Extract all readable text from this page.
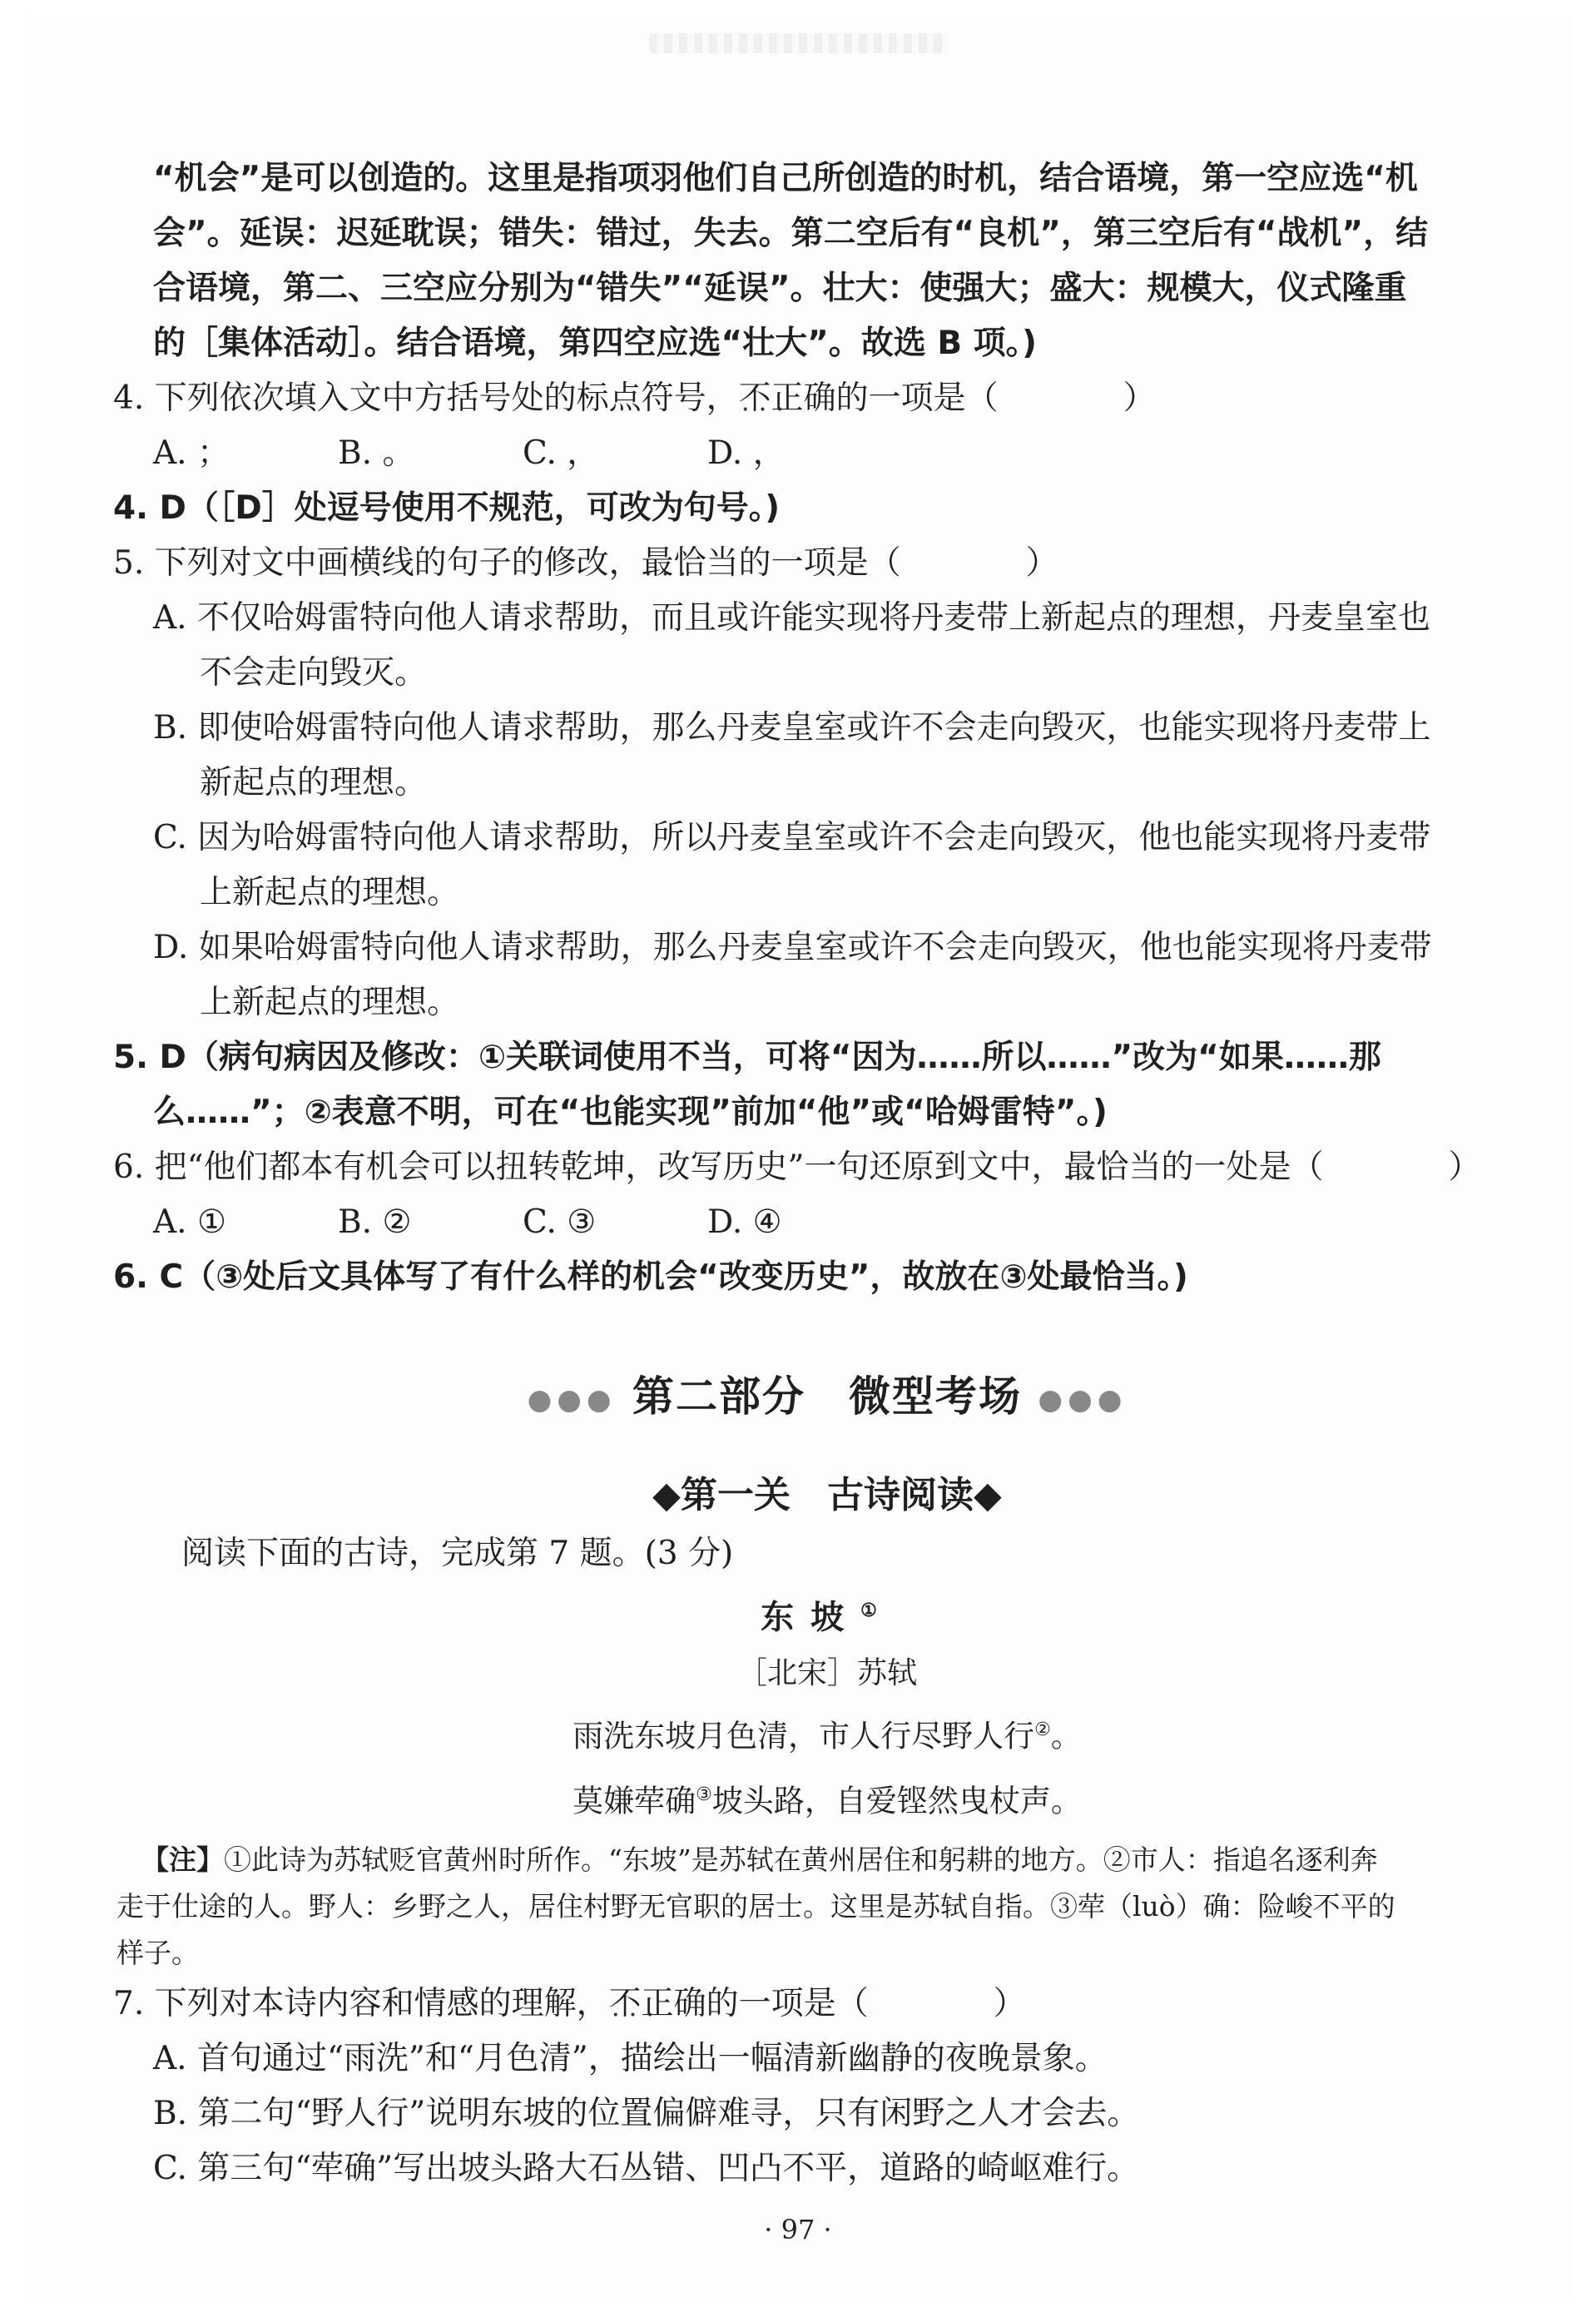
“机会”是可以创造的。这里是指项羽他们自己所创造的时机，结合语境，第一空应选“机

会”。延误：迟延耽误；错失：错过，失去。第二空后有“良机”，第三空后有“战机”，结

合语境，第二、三空应分别为“错失”“延误”。壮大：使强大；盛大：规模大，仪式隆重

的［集体活动］。结合语境，第四空应选“壮大”。故选 B 项。)

4. 下列依次填入文中方括号处的标点符号，不正确 • • •的一项是（	）

A. ；	B. 。	C. ，	D. ，

4. D（［D］处逗号使用不规范，可改为句号。)

5. 下列对文中画横线的句子的修改，最恰当 • • •的一项是（	）

A. 不仅哈姆雷特向他人请求帮助，而且或许能实现将丹麦带上新起点的理想，丹麦皇室也

不会走向毁灭。

B. 即使哈姆雷特向他人请求帮助，那么丹麦皇室或许不会走向毁灭，也能实现将丹麦带上

新起点的理想。

C. 因为哈姆雷特向他人请求帮助，所以丹麦皇室或许不会走向毁灭，他也能实现将丹麦带

上新起点的理想。

D. 如果哈姆雷特向他人请求帮助，那么丹麦皇室或许不会走向毁灭，他也能实现将丹麦带

上新起点的理想。

5. D（病句病因及修改：①关联词使用不当，可将“因为……所以……”改为“如果……那

么……”；②表意不明，可在“也能实现”前加“他”或“哈姆雷特”。)

6. 把“他们都本有机会可以扭转乾坤，改写历史”一句还原到文中，最恰当 • • •的一处是（	）

A. ①	B. ②	C. ③	D. ④

6. C（③处后文具体写了有什么样的机会“改变历史”，故放在③处最恰当。)

●●● 第二部分　微型考场 ●●●
◆第一关　古诗阅读◆

阅读下面的古诗，完成第 7 题。(3 分)

东坡①
［北宋］苏轼
雨洗东坡月色清，市人行尽野人行②。
莫嫌荦确③坡头路，自爱铿然曳杖声。

【注】①此诗为苏轼贬官黄州时所作。“东坡”是苏轼在黄州居住和躬耕的地方。②市人：指追名逐利奔

走于仕途的人。野人：乡野之人，居住村野无官职的居士。这里是苏轼自指。③荦（luò）确：险峻不平的

样子。

7. 下列对本诗内容和情感的理解，不正确 • • •的一项是（	）

A. 首句通过“雨洗”和“月色清”，描绘出一幅清新幽静的夜晚景象。

B. 第二句“野人行”说明东坡的位置偏僻难寻，只有闲野之人才会去。

C. 第三句“荦确”写出坡头路大石丛错、凹凸不平，道路的崎岖难行。

· 97 ·
